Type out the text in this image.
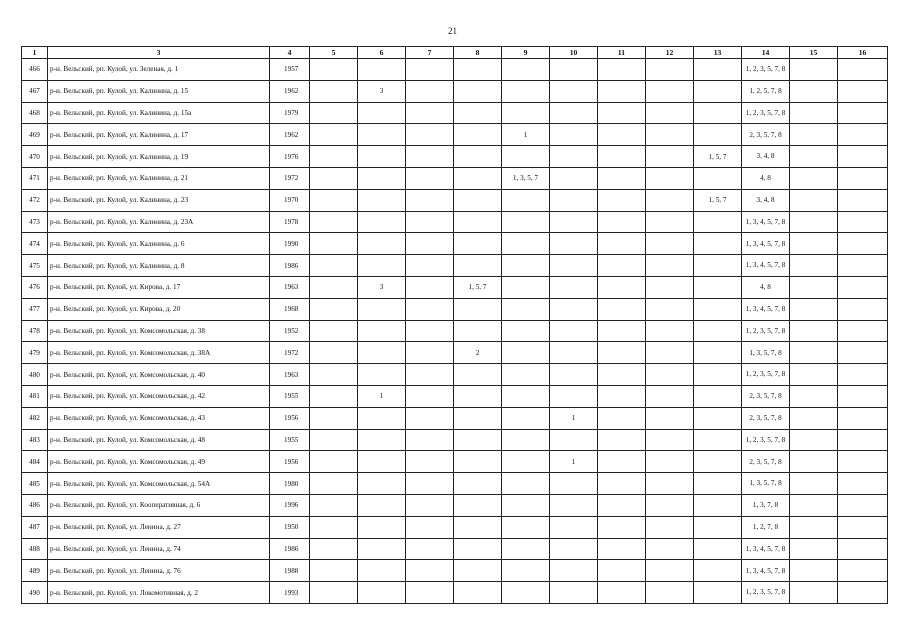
21
1	3	4	5	6	7	8	9	10	11	12	13	14	15	16
466	р-н. Вельский, рп. Кулой, ул. Зеленая, д. 1	1957										1, 2, 3, 5, 7, 8		
467	р-н. Вельский, рп. Кулой, ул. Калинина, д. 15	1962		3								1, 2, 5, 7, 8		
468	р-н. Вельский, рп. Кулой, ул. Калинина, д. 15а	1979										1, 2, 3, 5, 7, 8		
469	р-н. Вельский, рп. Кулой, ул. Калинина, д. 17	1962					1					2, 3, 5, 7, 8		
470	р-н. Вельский, рп. Кулой, ул. Калинина, д. 19	1976									1, 5, 7	3, 4, 8		
471	р-н. Вельский, рп. Кулой, ул. Калинина, д. 21	1972					1, 3, 5, 7					4, 8		
472	р-н. Вельский, рп. Кулой, ул. Калинина, д. 23	1970									1, 5, 7	3, 4, 8		
473	р-н. Вельский, рп. Кулой, ул. Калинина, д. 23А	1978										1, 3, 4, 5, 7, 8		
474	р-н. Вельский, рп. Кулой, ул. Калинина, д. 6	1990										1, 3, 4, 5, 7, 8		
475	р-н. Вельский, рп. Кулой, ул. Калинина, д. 8	1986										1, 3, 4, 5, 7, 8		
476	р-н. Вельский, рп. Кулой, ул. Кирова, д. 17	1963		3		1, 5, 7						4, 8		
477	р-н. Вельский, рп. Кулой, ул. Кирова, д. 20	1968										1, 3, 4, 5, 7, 8		
478	р-н. Вельский, рп. Кулой, ул. Комсомольская, д. 38	1952										1, 2, 3, 5, 7, 8		
479	р-н. Вельский, рп. Кулой, ул. Комсомольская, д. 38А	1972				2						1, 3, 5, 7, 8		
480	р-н. Вельский, рп. Кулой, ул. Комсомольская, д. 40	1963										1, 2, 3, 5, 7, 8		
481	р-н. Вельский, рп. Кулой, ул. Комсомольская, д. 42	1955		1								2, 3, 5, 7, 8		
482	р-н. Вельский, рп. Кулой, ул. Комсомольская, д. 43	1956						1				2, 3, 5, 7, 8		
483	р-н. Вельский, рп. Кулой, ул. Комсомольская, д. 48	1955										1, 2, 3, 5, 7, 8		
484	р-н. Вельский, рп. Кулой, ул. Комсомольская, д. 49	1956						1				2, 3, 5, 7, 8		
485	р-н. Вельский, рп. Кулой, ул. Комсомольская, д. 54А	1980										1, 3, 5, 7, 8		
486	р-н. Вельский, рп. Кулой, ул. Кооперативная, д. 6	1996										1, 3, 7, 8		
487	р-н. Вельский, рп. Кулой, ул. Ленина, д. 27	1950										1, 2, 7, 8		
488	р-н. Вельский, рп. Кулой, ул. Ленина, д. 74	1986										1, 3, 4, 5, 7, 8		
489	р-н. Вельский, рп. Кулой, ул. Ленина, д. 76	1988										1, 3, 4, 5, 7, 8		
490	р-н. Вельский, рп. Кулой, ул. Локомотивная, д. 2	1993										1, 2, 3, 5, 7, 8		
